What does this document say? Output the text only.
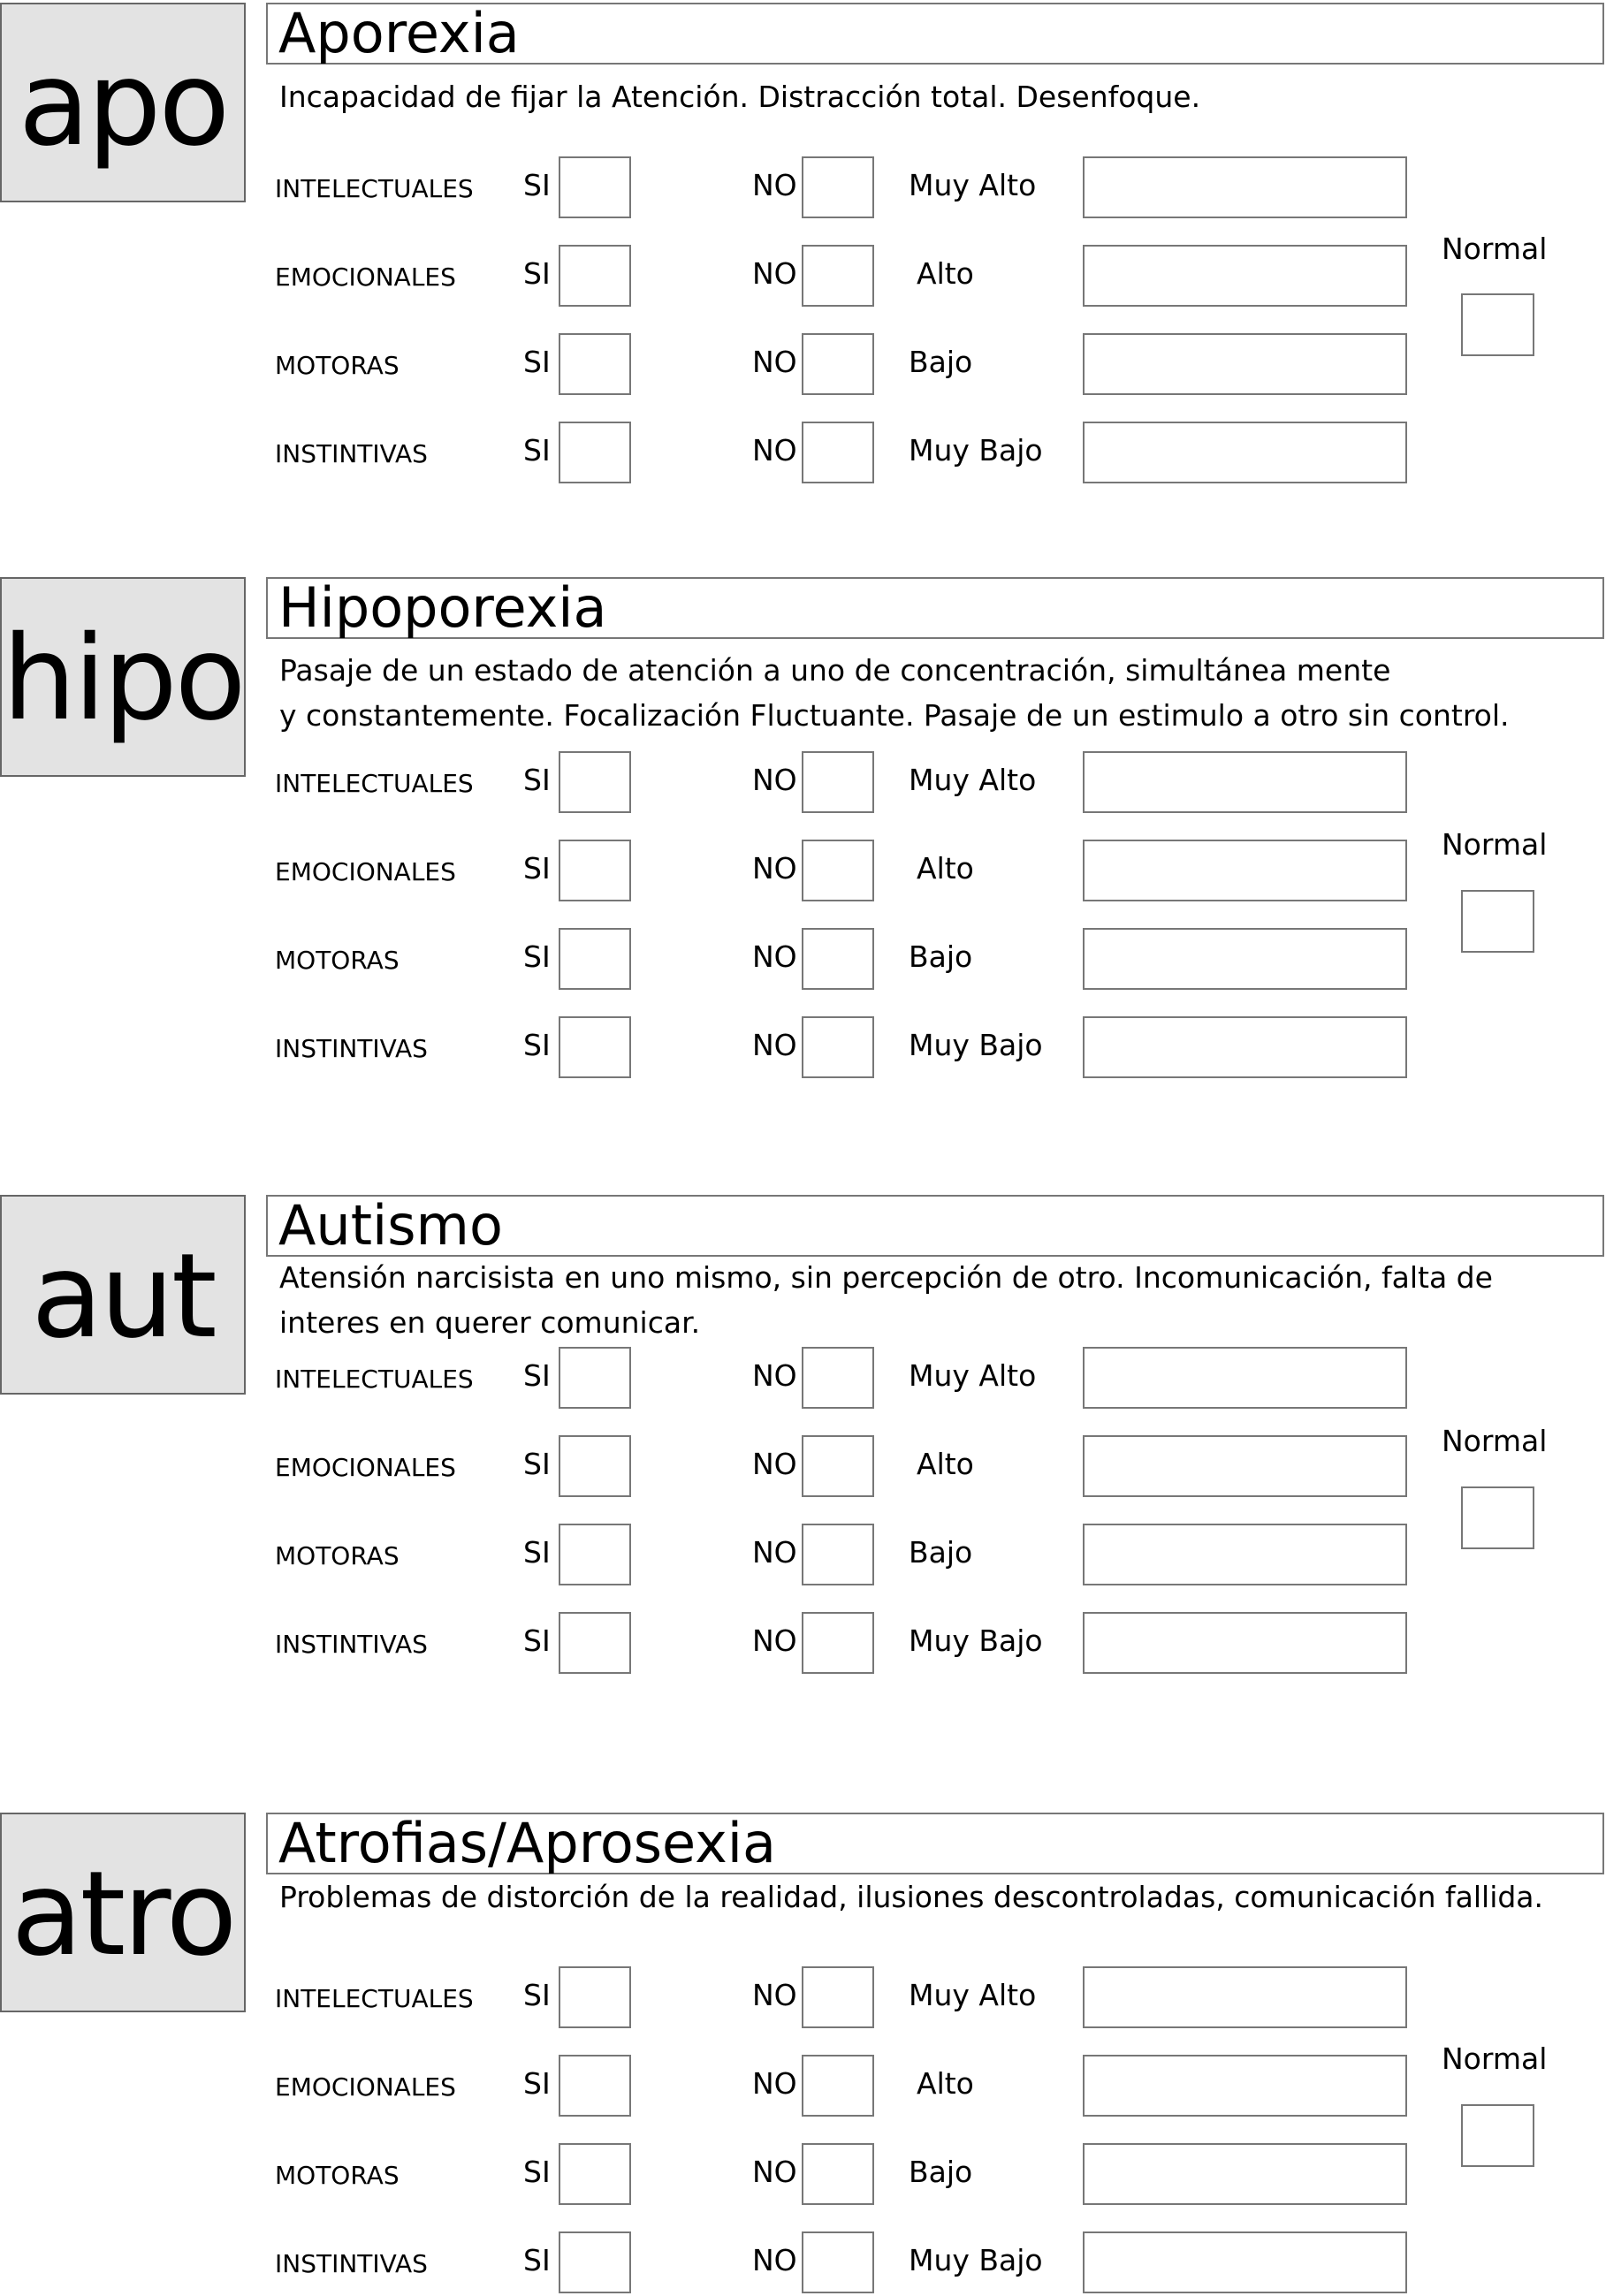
apo
Aporexia
Incapacidad de fijar la Atención. Distracción total. Desenfoque.
INTELECTUALES SI	NO	Muy Alto
EMOCIONALES SI	NO	Alto
MOTORAS	SI	NO	Bajo
INSTINTIVAS	SI	NO	Muy Bajo
Normal
hipo
Hipoporexia
Pasaje de un estado de atención a uno de concentración, simultánea mente
y constantemente. Focalización Fluctuante. Pasaje de un estimulo a otro sin control.
INTELECTUALES SI	NO	Muy Alto
EMOCIONALES SI	NO	Alto
MOTORAS	SI	NO	Bajo
INSTINTIVAS	SI	NO	Muy Bajo
Normal
aut
Autismo
Atensión narcisista en uno mismo, sin percepción de otro. Incomunicación, falta de
interes en querer comunicar.
INTELECTUALES SI	NO	Muy Alto
EMOCIONALES SI	NO	Alto
MOTORAS	SI	NO	Bajo
INSTINTIVAS	SI	NO	Muy Bajo
Normal
atro
Atrofias/Aprosexia
Problemas de distorción de la realidad, ilusiones descontroladas, comunicación fallida.
INTELECTUALES SI	NO	Muy Alto
EMOCIONALES SI	NO	Alto
MOTORAS	SI	NO	Bajo
INSTINTIVAS	SI	NO	Muy Bajo
Normal
